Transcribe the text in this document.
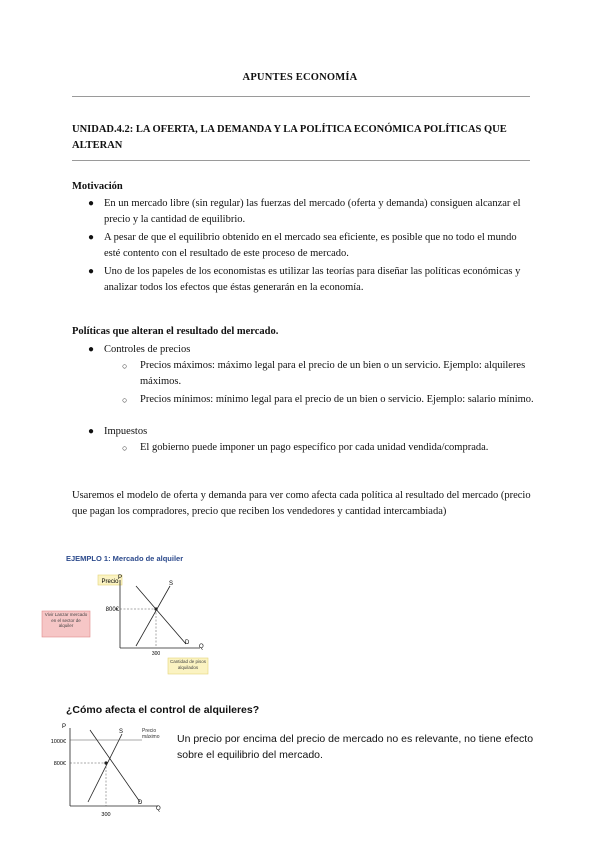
APUNTES ECONOMÍA
UNIDAD.4.2: LA OFERTA, LA DEMANDA Y LA POLÍTICA ECONÓMICA POLÍTICAS QUE ALTERAN
Motivación
● En un mercado libre (sin regular) las fuerzas del mercado (oferta y demanda) consiguen alcanzar el precio y la cantidad de equilibrio.
● A pesar de que el equilibrio obtenido en el mercado sea eficiente, es posible que no todo el mundo esté contento con el resultado de este proceso de mercado.
● Uno de los papeles de los economistas es utilizar las teorías para diseñar las políticas económicas y analizar todos los efectos que éstas generarán en la economía.
Políticas que alteran el resultado del mercado.
● Controles de precios
○ Precios máximos: máximo legal para el precio de un bien o un servicio. Ejemplo: alquileres máximos.
○ Precios mínimos: mínimo legal para el precio de un bien o servicio. Ejemplo: salario mínimo.
● Impuestos
○ El gobierno puede imponer un pago específico por cada unidad vendida/comprada.
Usaremos el modelo de oferta y demanda para ver como afecta cada política al resultado del mercado (precio que pagan los compradores, precio que reciben los vendedores y cantidad intercambiada)
EJEMPLO 1: Mercado de alquiler
Precio
Vivir Lanzar mercado en el sector de alquiler
P
Q
S
D
800€
300
Cantidad de pisos alquilados
¿Cómo afecta el control de alquileres?
Un precio por encima del precio de mercado no es relevante, no tiene efecto sobre el equilibrio del mercado.
P
Q
S
D
1000€
800€
300
Precio máximo
